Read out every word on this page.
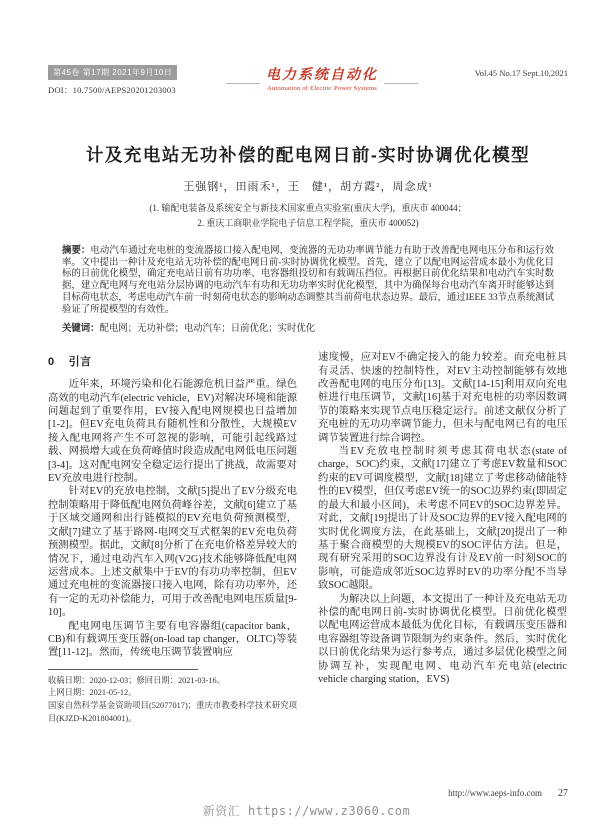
第45卷 第17期 2021年9月10日
DOI：10.7500/AEPS20201203003
电力系统自动化
Automation of Electric Power Systems
Vol.45 No.17 Sept.10,2021
计及充电站无功补偿的配电网日前-实时协调优化模型
王强钢¹，田雨禾¹，王　健¹，胡方霞²，周念成¹
(1. 输配电装备及系统安全与新技术国家重点实验室(重庆大学)，重庆市 400044；
2. 重庆工商职业学院电子信息工程学院，重庆市 400052)

摘要：电动汽车通过充电桩的变流器接口接入配电网，变流器的无功功率调节能力有助于改善配电网电压分布和运行效率。文中提出一种计及充电站无功补偿的配电网日前-实时协调优化模型。首先，建立了以配电网运营成本最小为优化目标的日前优化模型，确定充电站日前有功功率、电容器组投切和有载调压挡位。再根据日前优化结果和电动汽车实时数据，建立配电网与充电站分层协调的电动汽车有功和无功功率实时优化模型，其中为确保每台电动汽车离开时能够达到目标荷电状态，考虑电动汽车前一时刻荷电状态的影响动态调整其当前荷电状态边界。最后，通过IEEE 33节点系统测试验证了所提模型的有效性。

关键词：配电网；无功补偿；电动汽车；日前优化；实时优化

0 引言

近年来，环境污染和化石能源危机日益严重。绿色高效的电动汽车(electric vehicle，EV)对解决环境和能源问题起到了重要作用，EV接入配电网规模也日益增加[1-2]。但EV充电负荷具有随机性和分散性，大规模EV接入配电网将产生不可忽视的影响，可能引起线路过载、网损增大或在负荷峰值时段造成配电网低电压问题[3-4]。这对配电网安全稳定运行提出了挑战，故需要对EV充放电进行控制。

针对EV的充放电控制，文献[5]提出了EV分级充电控制策略用于降低配电网负荷峰谷差，文献[6]建立了基于区域交通网和出行链模拟的EV充电负荷预测模型，文献[7]建立了基于路网-电网交互式框架的EV充电负荷预测模型。据此，文献[8]分析了在充电价格差异较大的情况下，通过电动汽车入网(V2G)技术能够降低配电网运营成本。上述文献集中于EV的有功功率控制，但EV通过充电桩的变流器接口接入电网，除有功功率外，还有一定的无功补偿能力，可用于改善配电网电压质量[9-10]。

配电网电压调节主要有电容器组(capacitor bank，CB)和有载调压变压器(on-load tap changer，OLTC)等装置[11-12]。然而，传统电压调节装置响应

收稿日期：2020-12-03；修回日期：2021-03-16。

上网日期：2021-05-12。

国家自然科学基金资助项目(52077017)；重庆市教委科学技术研究项目(KJZD-K201804001)。

速度慢，应对EV不确定接入的能力较差。而充电桩具有灵活、快速的控制特性，对EV主动控制能够有效地改善配电网的电压分布[13]。文献[14-15]利用双向充电桩进行电压调节，文献[16]基于对充电桩的功率因数调节的策略来实现节点电压稳定运行。前述文献仅分析了充电桩的无功功率调节能力，但未与配电网已有的电压调节装置进行综合调控。

当EV充放电控制时须考虑其荷电状态(state of charge，SOC)约束，文献[17]建立了考虑EV数量和SOC约束的EV可调度模型，文献[18]建立了考虑移动储能特性的EV模型，但仅考虑EV统一的SOC边界约束(即固定的最大和最小区间)，未考虑不同EV的SOC边界差异。对此，文献[19]提出了计及SOC边界的EV接入配电网的实时优化调度方法，在此基础上，文献[20]提出了一种基于聚合商模型的大规模EV的SOC评估方法。但是，现有研究采用的SOC边界没有计及EV前一时刻SOC的影响，可能造成邻近SOC边界时EV的功率分配不当导致SOC越限。

为解决以上问题，本文提出了一种计及充电站无功补偿的配电网日前-实时协调优化模型。日前优化模型以配电网运营成本最低为优化目标，有载调压变压器和电容器组等设备调节限制为约束条件。然后，实时优化以日前优化结果为运行参考点，通过多层优化模型之间协调互补，实现配电网、电动汽车充电站(electric vehicle charging station，EVS)

http://www.aeps-info.com 27
新资汇 https://www.z3060.com
